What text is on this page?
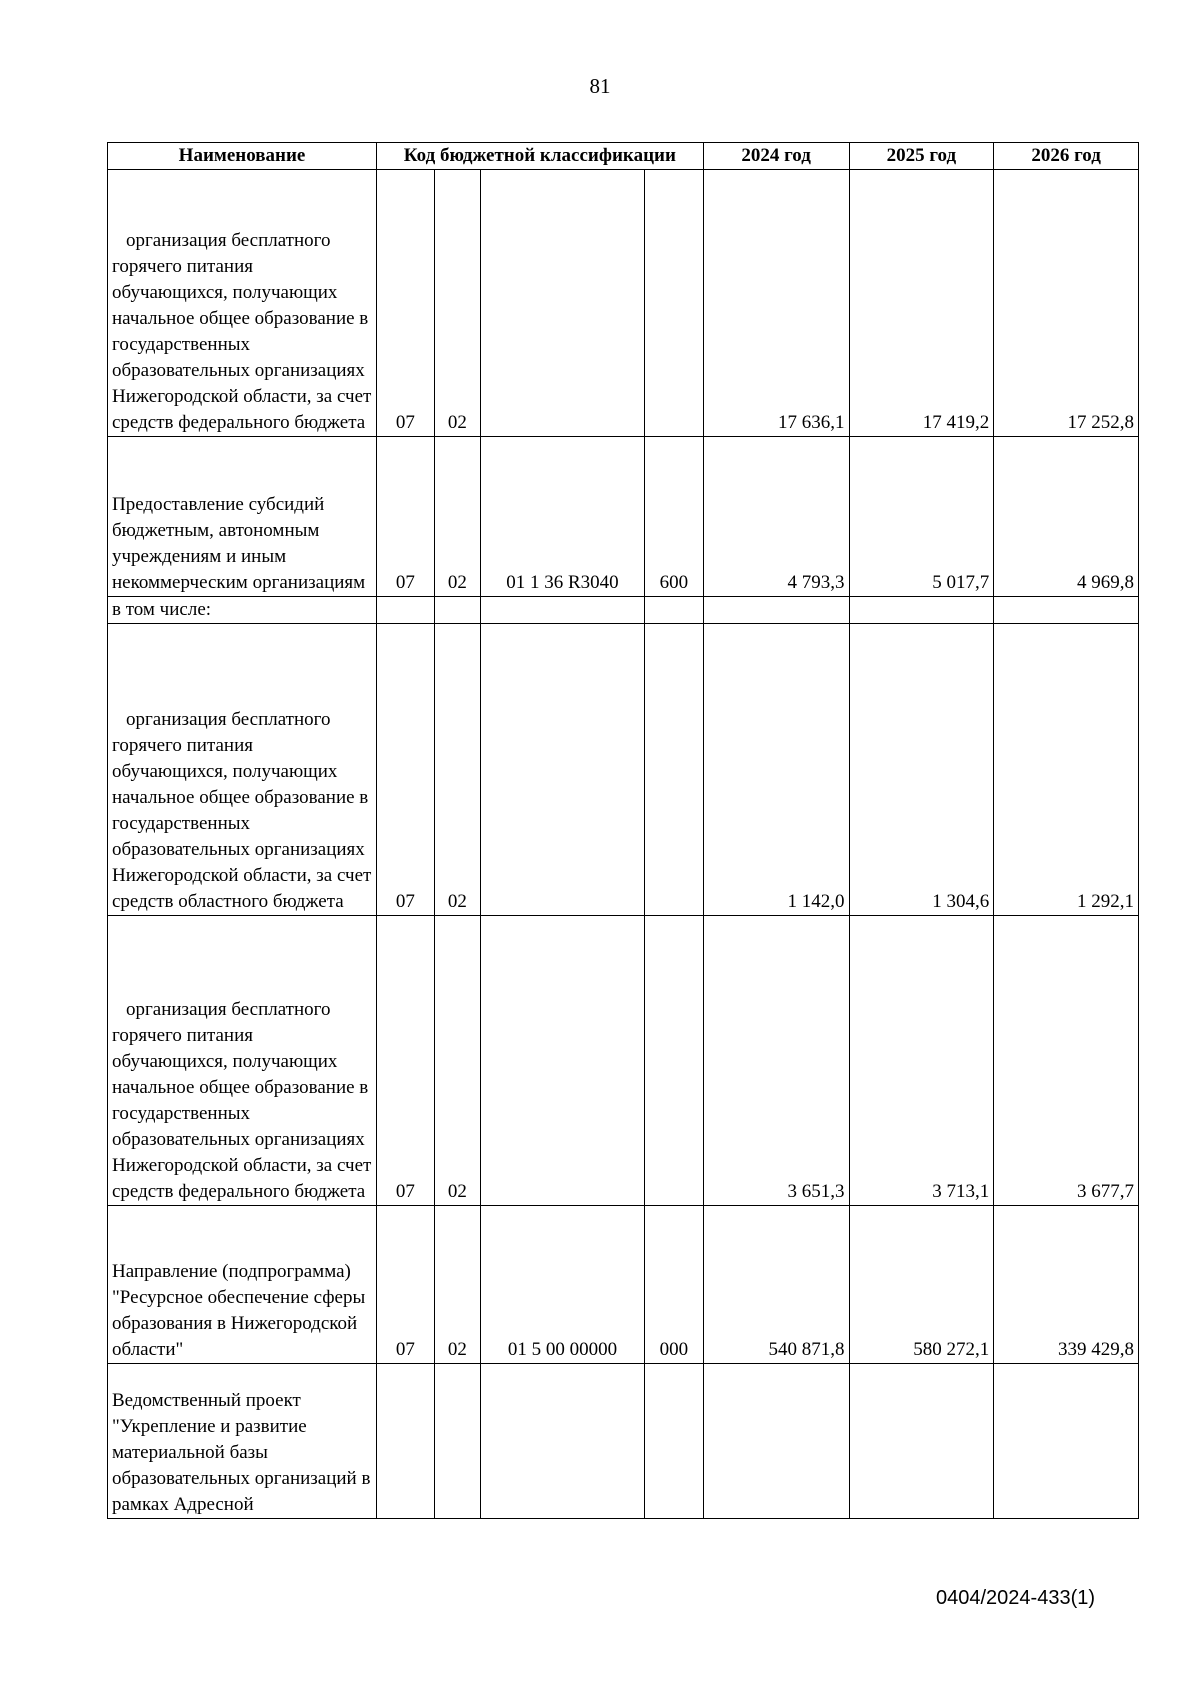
81
Наименование	Код бюджетной классификации				2024 год	2025 год	2026 год
организация бесплатного горячего питания обучающихся, получающих начальное общее образование в государственных образовательных организациях Нижегородской области, за счет средств федерального бюджета	07	02			17 636,1	17 419,2	17 252,8
Предоставление субсидий бюджетным, автономным учреждениям и иным некоммерческим организациям	07	02	01 1 36 R3040	600	4 793,3	5 017,7	4 969,8
в том числе:							
организация бесплатного горячего питания обучающихся, получающих начальное общее образование в государственных образовательных организациях Нижегородской области, за счет средств областного бюджета	07	02			1 142,0	1 304,6	1 292,1
организация бесплатного горячего питания обучающихся, получающих начальное общее образование в государственных образовательных организациях Нижегородской области, за счет средств федерального бюджета	07	02			3 651,3	3 713,1	3 677,7
Направление (подпрограмма) "Ресурсное обеспечение сферы образования в Нижегородской области"	07	02	01 5 00 00000	000	540 871,8	580 272,1	339 429,8
Ведомственный проект "Укрепление и развитие материальной базы образовательных организаций в рамках Адресной							
0404/2024-433(1)
